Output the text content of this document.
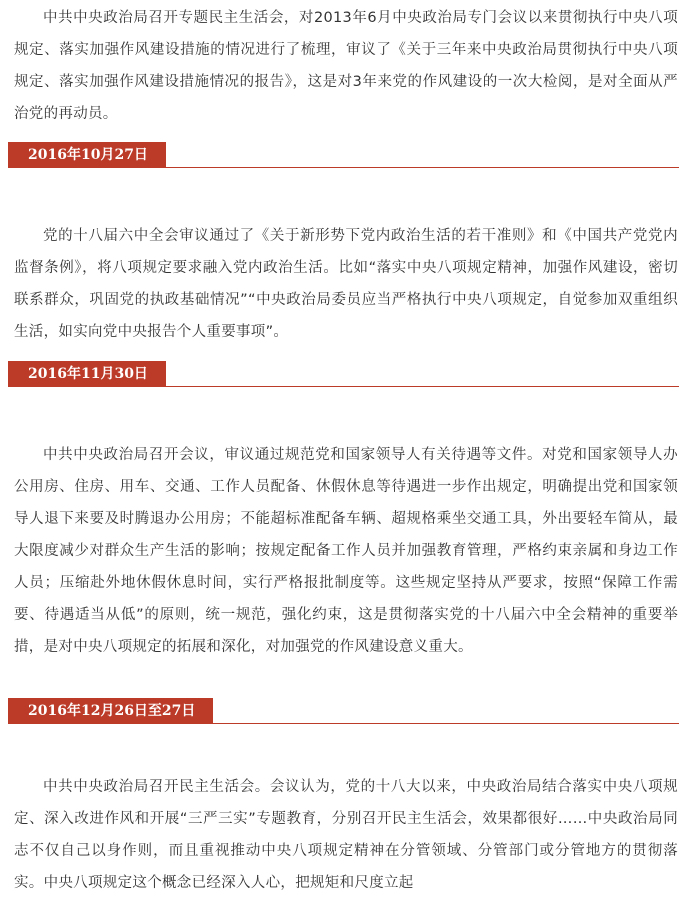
中共中央政治局召开专题民主生活会，对2013年6月中央政治局专门会议以来贯彻执行中央八项规定、落实加强作风建设措施的情况进行了梳理，审议了《关于三年来中央政治局贯彻执行中央八项规定、落实加强作风建设措施情况的报告》，这是对3年来党的作风建设的一次大检阅，是对全面从严治党的再动员。

2016年10月27日

党的十八届六中全会审议通过了《关于新形势下党内政治生活的若干准则》和《中国共产党党内监督条例》，将八项规定要求融入党内政治生活。比如“落实中央八项规定精神，加强作风建设，密切联系群众，巩固党的执政基础情况”“中央政治局委员应当严格执行中央八项规定，自觉参加双重组织生活，如实向党中央报告个人重要事项”。

2016年11月30日

中共中央政治局召开会议，审议通过规范党和国家领导人有关待遇等文件。对党和国家领导人办公用房、住房、用车、交通、工作人员配备、休假休息等待遇进一步作出规定，明确提出党和国家领导人退下来要及时腾退办公用房；不能超标准配备车辆、超规格乘坐交通工具，外出要轻车简从，最大限度减少对群众生产生活的影响；按规定配备工作人员并加强教育管理，严格约束亲属和身边工作人员；压缩赴外地休假休息时间，实行严格报批制度等。这些规定坚持从严要求，按照“保障工作需要、待遇适当从低”的原则，统一规范，强化约束，这是贯彻落实党的十八届六中全会精神的重要举措，是对中央八项规定的拓展和深化，对加强党的作风建设意义重大。

2016年12月26日至27日

中共中央政治局召开民主生活会。会议认为，党的十八大以来，中央政治局结合落实中央八项规定、深入改进作风和开展“三严三实”专题教育，分别召开民主生活会，效果都很好……中央政治局同志不仅自己以身作则，而且重视推动中央八项规定精神在分管领域、分管部门或分管地方的贯彻落实。中央八项规定这个概念已经深入人心，把规矩和尺度立起
